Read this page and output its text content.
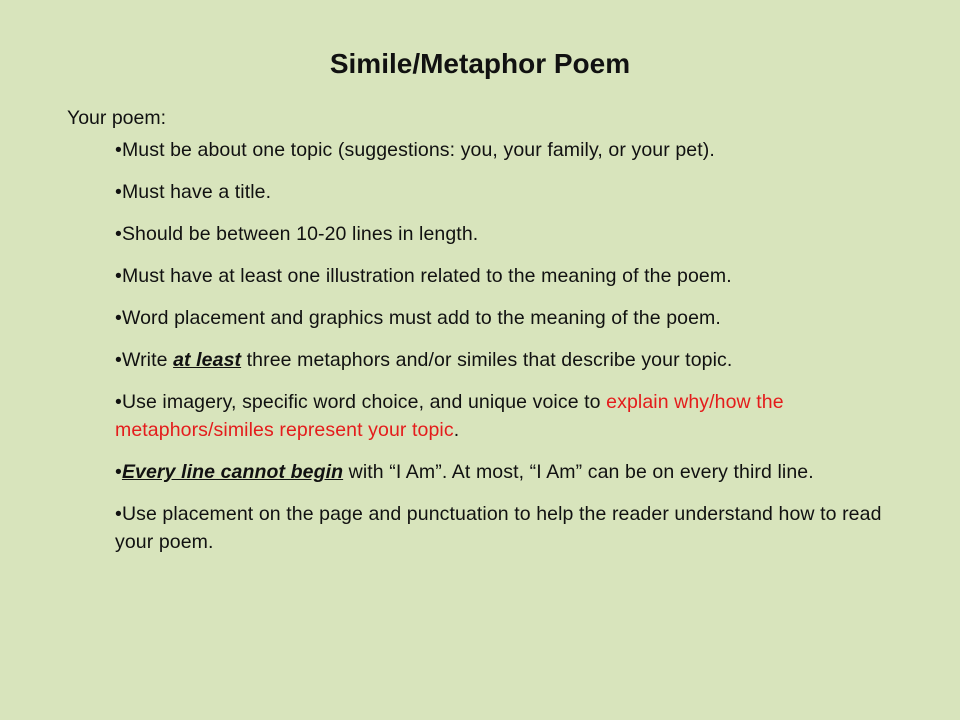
Simile/Metaphor Poem
Your poem:
•Must be about one topic (suggestions: you, your family, or your pet).
•Must have a title.
•Should be between 10-20 lines in length.
•Must have at least one illustration related to the meaning of the poem.
•Word placement and graphics must add to the meaning of the poem.
•Write at least three metaphors and/or similes that describe your topic.
•Use imagery, specific word choice, and unique voice to explain why/how the metaphors/similes represent your topic.
•Every line cannot begin with “I Am”. At most, “I Am” can be on every third line.
•Use placement on the page and punctuation to help the reader understand how to read your poem.
